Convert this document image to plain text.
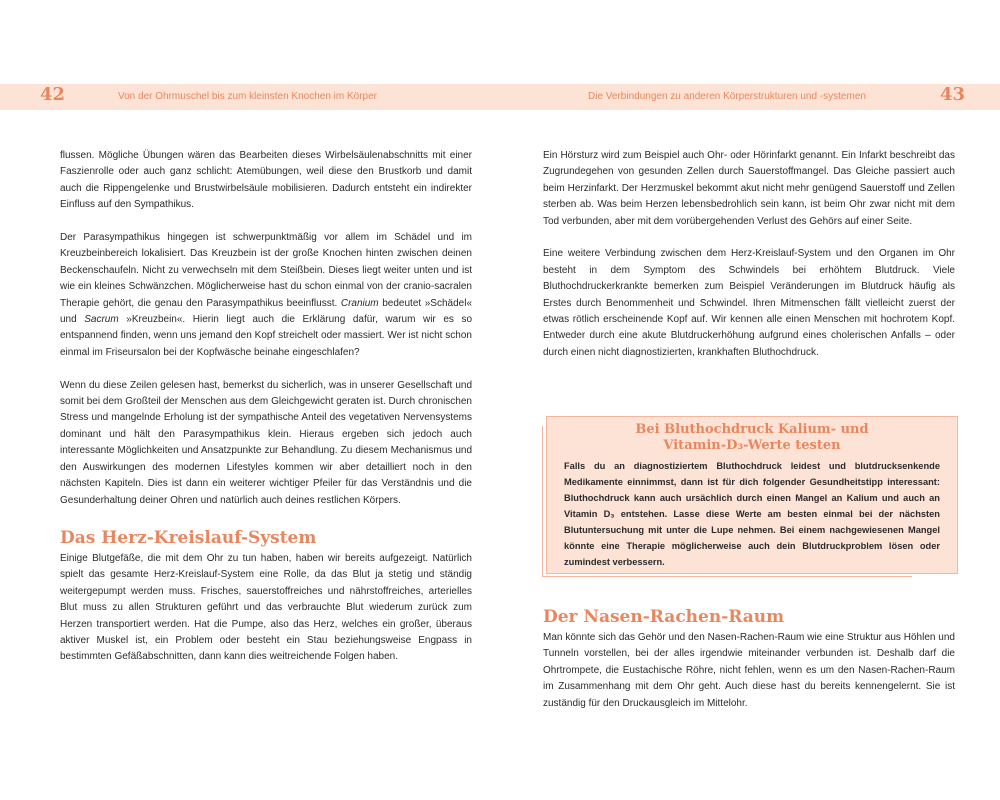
42	Von der Ohrmuschel bis zum kleinsten Knochen im Körper	Die Verbindungen zu anderen Körperstrukturen und -systemen	43

flussen. Mögliche Übungen wären das Bearbeiten dieses Wirbelsäulenabschnitts mit einer Faszienrolle oder auch ganz schlicht: Atemübungen, weil diese den Brustkorb und damit auch die Rippengelenke und Brustwirbelsäule mobilisieren. Dadurch entsteht ein indirekter Einfluss auf den Sympathikus.

Der Parasympathikus hingegen ist schwerpunktmäßig vor allem im Schädel und im Kreuzbeinbereich lokalisiert. Das Kreuzbein ist der große Knochen hinten zwischen deinen Beckenschaufeln. Nicht zu verwechseln mit dem Steißbein. Dieses liegt weiter unten und ist wie ein kleines Schwänzchen. Möglicherweise hast du schon einmal von der cranio-sacralen Therapie gehört, die genau den Parasympathikus beeinflusst. Cranium bedeutet »Schädel« und Sacrum »Kreuzbein«. Hierin liegt auch die Erklärung dafür, warum wir es so entspannend finden, wenn uns jemand den Kopf streichelt oder massiert. Wer ist nicht schon einmal im Friseursalon bei der Kopfwäsche beinahe eingeschlafen?

Wenn du diese Zeilen gelesen hast, bemerkst du sicherlich, was in unserer Gesellschaft und somit bei dem Großteil der Menschen aus dem Gleichgewicht geraten ist. Durch chronischen Stress und mangelnde Erholung ist der sympathische Anteil des vegetativen Nervensystems dominant und hält den Parasympathikus klein. Hieraus ergeben sich jedoch auch interessante Möglichkeiten und Ansatzpunkte zur Behandlung. Zu diesem Mechanismus und den Auswirkungen des modernen Lifestyles kommen wir aber detailliert noch in den nächsten Kapiteln. Dies ist dann ein weiterer wichtiger Pfeiler für das Verständnis und die Gesunderhaltung deiner Ohren und natürlich auch deines restlichen Körpers.

Das Herz-Kreislauf-System

Einige Blutgefäße, die mit dem Ohr zu tun haben, haben wir bereits aufgezeigt. Natürlich spielt das gesamte Herz-Kreislauf-System eine Rolle, da das Blut ja stetig und ständig weitergepumpt werden muss. Frisches, sauerstoffreiches und nährstoffreiches, arterielles Blut muss zu allen Strukturen geführt und das verbrauchte Blut wiederum zurück zum Herzen transportiert werden. Hat die Pumpe, also das Herz, welches ein großer, überaus aktiver Muskel ist, ein Problem oder besteht ein Stau beziehungsweise Engpass in bestimmten Gefäßabschnitten, dann kann dies weitreichende Folgen haben.

Ein Hörsturz wird zum Beispiel auch Ohr- oder Hörinfarkt genannt. Ein Infarkt beschreibt das Zugrundegehen von gesunden Zellen durch Sauerstoffmangel. Das Gleiche passiert auch beim Herzinfarkt. Der Herzmuskel bekommt akut nicht mehr genügend Sauerstoff und Zellen sterben ab. Was beim Herzen lebensbedrohlich sein kann, ist beim Ohr zwar nicht mit dem Tod verbunden, aber mit dem vorübergehenden Verlust des Gehörs auf einer Seite.

Eine weitere Verbindung zwischen dem Herz-Kreislauf-System und den Organen im Ohr besteht in dem Symptom des Schwindels bei erhöhtem Blutdruck. Viele Bluthochdruckerkrankte bemerken zum Beispiel Veränderungen im Blutdruck häufig als Erstes durch Benommenheit und Schwindel. Ihren Mitmenschen fällt vielleicht zuerst der etwas rötlich erscheinende Kopf auf. Wir kennen alle einen Menschen mit hochrotem Kopf. Entweder durch eine akute Blutdruckerhöhung aufgrund eines cholerischen Anfalls – oder durch einen nicht diagnostizierten, krankhaften Bluthochdruck.

Bei Bluthochdruck Kalium- und
Vitamin-D₃-Werte testen

Falls du an diagnostiziertem Bluthochdruck leidest und blutdrucksenkende Medikamente einnimmst, dann ist für dich folgender Gesundheitstipp interessant: Bluthochdruck kann auch ursächlich durch einen Mangel an Kalium und auch an Vitamin D₃ entstehen. Lasse diese Werte am besten einmal bei der nächsten Blutuntersuchung mit unter die Lupe nehmen. Bei einem nachgewiesenen Mangel könnte eine Therapie möglicherweise auch dein Blutdruckproblem lösen oder zumindest verbessern.

Der Nasen-Rachen-Raum

Man könnte sich das Gehör und den Nasen-Rachen-Raum wie eine Struktur aus Höhlen und Tunneln vorstellen, bei der alles irgendwie miteinander verbunden ist. Deshalb darf die Ohrtrompete, die Eustachische Röhre, nicht fehlen, wenn es um den Nasen-Rachen-Raum im Zusammenhang mit dem Ohr geht. Auch diese hast du bereits kennengelernt. Sie ist zuständig für den Druckausgleich im Mittelohr.
